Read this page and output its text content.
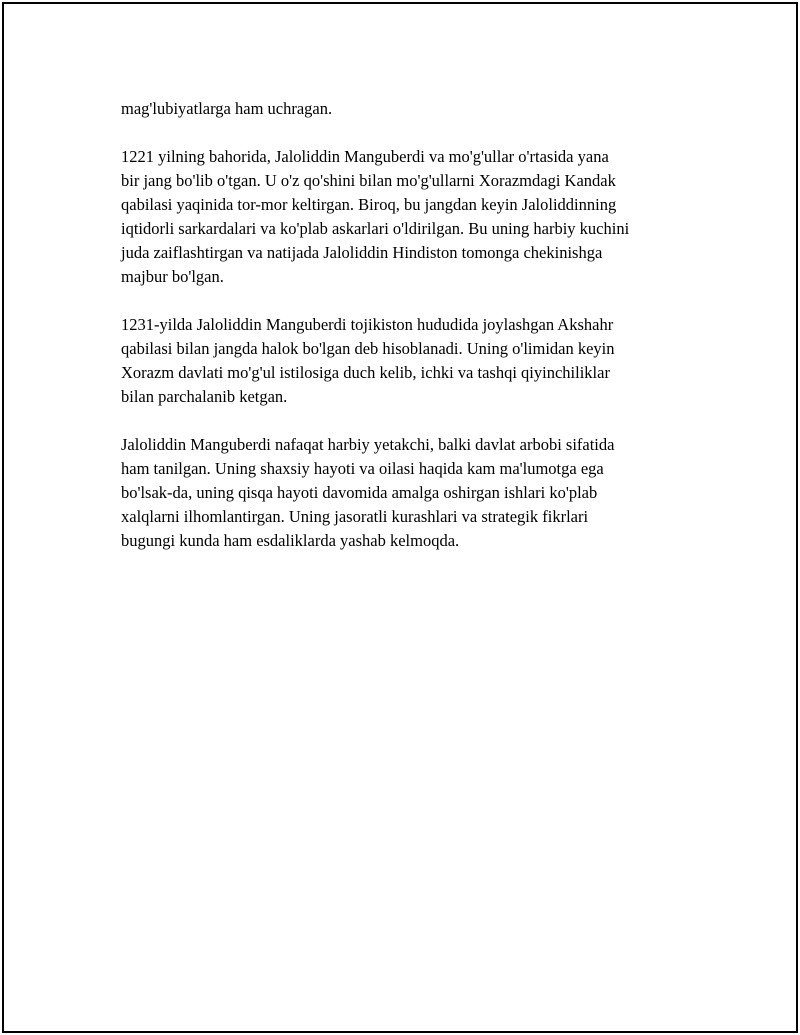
mag'lubiyatlarga ham uchragan.

1221 yilning bahorida, Jaloliddin Manguberdi va mo'g'ullar o'rtasida yana
bir jang bo'lib o'tgan. U o'z qo'shini bilan mo'g'ullarni Xorazmdagi Kandak
qabilasi yaqinida tor-mor keltirgan. Biroq, bu jangdan keyin Jaloliddinning
iqtidorli sarkardalari va ko'plab askarlari o'ldirilgan. Bu uning harbiy kuchini
juda zaiflashtirgan va natijada Jaloliddin Hindiston tomonga chekinishga
majbur bo'lgan.

1231-yilda Jaloliddin Manguberdi tojikiston hududida joylashgan Akshahr
qabilasi bilan jangda halok bo'lgan deb hisoblanadi. Uning o'limidan keyin
Xorazm davlati mo'g'ul istilosiga duch kelib, ichki va tashqi qiyinchiliklar
bilan parchalanib ketgan.

Jaloliddin Manguberdi nafaqat harbiy yetakchi, balki davlat arbobi sifatida
ham tanilgan. Uning shaxsiy hayoti va oilasi haqida kam ma'lumotga ega
bo'lsak-da, uning qisqa hayoti davomida amalga oshirgan ishlari ko'plab
xalqlarni ilhomlantirgan. Uning jasoratli kurashlari va strategik fikrlari
bugungi kunda ham esdaliklarda yashab kelmoqda.
